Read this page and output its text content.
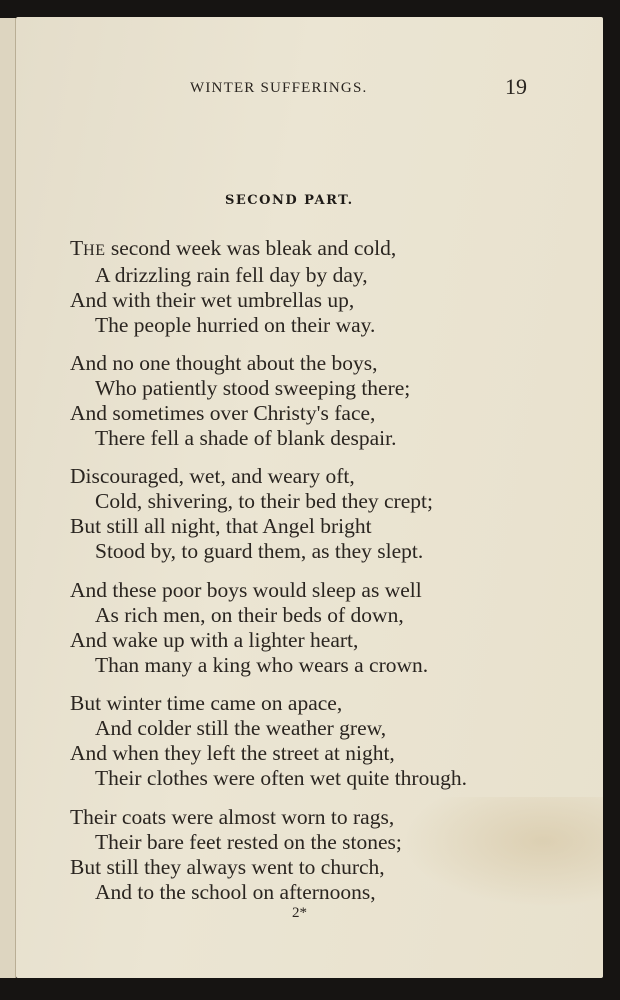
WINTER SUFFERINGS.	19
SECOND PART.
THE second week was bleak and cold,
A drizzling rain fell day by day,
And with their wet umbrellas up,
The people hurried on their way.
And no one thought about the boys,
Who patiently stood sweeping there;
And sometimes over Christy's face,
There fell a shade of blank despair.
Discouraged, wet, and weary oft,
Cold, shivering, to their bed they crept;
But still all night, that Angel bright
Stood by, to guard them, as they slept.
And these poor boys would sleep as well
As rich men, on their beds of down,
And wake up with a lighter heart,
Than many a king who wears a crown.
But winter time came on apace,
And colder still the weather grew,
And when they left the street at night,
Their clothes were often wet quite through.
Their coats were almost worn to rags,
Their bare feet rested on the stones;
But still they always went to church,
And to the school on afternoons,
2*
